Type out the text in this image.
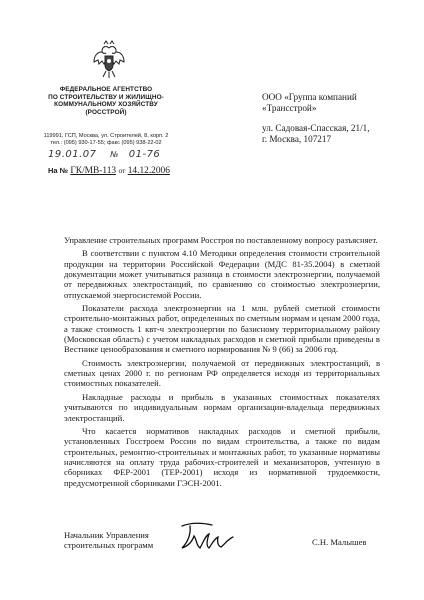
ФЕДЕРАЛЬНОЕ АГЕНТСТВО
ПО СТРОИТЕЛЬСТВУ И ЖИЛИЩНО-
КОММУНАЛЬНОМУ ХОЗЯЙСТВУ
(РОССТРОЙ)
119991, ГСП, Москва, ул. Строителей, 8, корп. 2
тел.: (095) 930-17-55; факс (095) 938-22-02
19.01.07 № 01-76
На № ГК/МВ-113 от 14.12.2006
ООО «Группа компаний
«Трансстрой»
ул. Садовая-Спасская, 21/1,
г. Москва, 107217

Управление строительных программ Росстроя по поставленному вопросу разъясняет.

В соответствии с пунктом 4.10 Методики определения стоимости строительной продукции на территории Российской Федерации (МДС 81-35.2004) в сметной документации может учитываться разница в стоимости электроэнергии, получаемой от передвижных электростанций, по сравнению со стоимостью электроэнергии, отпускаемой энергосистемой России.

Показатели расхода электроэнергии на 1 млн. рублей сметной стоимости строительно-монтажных работ, определенных по сметным нормам и ценам 2000 года, а также стоимость 1 квт-ч электроэнергии по базисному территориальному району (Московская область) с учетом накладных расходов и сметной прибыли приведены в Вестнике ценообразования и сметного нормирования № 9 (66) за 2006 год.

Стоимость электроэнергии, получаемой от передвижных электростанций, в сметных ценах 2000 г. по регионам РФ определяется исходя из территориальных стоимостных показателей.

Накладные расходы и прибыль в указанных стоимостных показателях учитываются по индивидуальным нормам организации-владельца передвижных электростанций.

Что касается нормативов накладных расходов и сметной прибыли, установленных Госстроем России по видам строительства, а также по видам строительных, ремонтно-строительных и монтажных работ, то указанные нормативы начисляются на оплату труда рабочих-строителей и механизаторов, учтенную в сборниках ФЕР-2001 (ТЕР-2001) исходя из нормативной трудоемкости, предусмотренной сборниками ГЭСН-2001.

Начальник Управления
строительных программ	С.Н. Малышев
